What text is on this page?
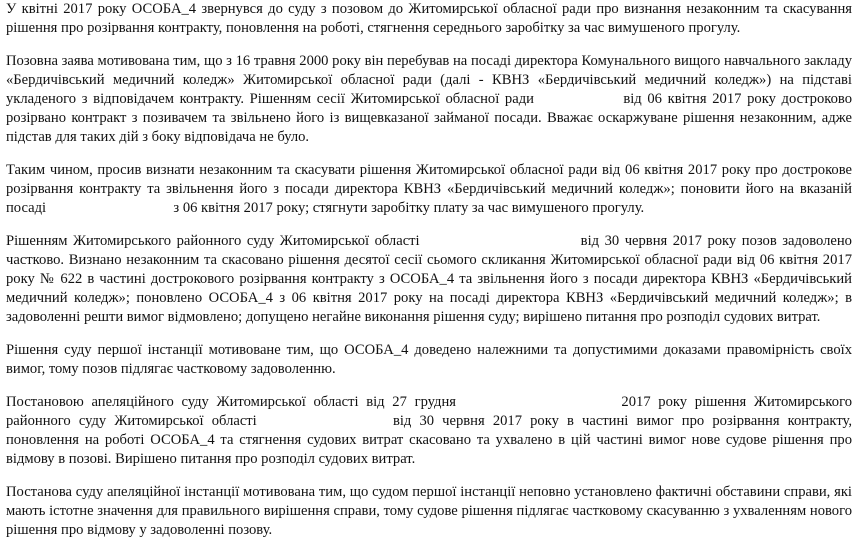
У квітні 2017 року ОСОБА_4 звернувся до суду з позовом до Житомирської обласної ради про визнання незаконним та скасування рішення про розірвання контракту, поновлення на роботі, стягнення середнього заробітку за час вимушеного прогулу.

Позовна заява мотивована тим, що з 16 травня 2000 року він перебував на посаді директора Комунального вищого навчального закладу «Бердичівський медичний коледж» Житомирської обласної ради (далі - КВНЗ «Бердичівський медичний коледж») на підставі укладеного з відповідачем контракту. Рішенням сесії Житомирської обласної ради	від 06 квітня 2017 року достроково розірвано контракт з позивачем та звільнено його із вищевказаної займаної посади. Вважає оскаржуване рішення незаконним, адже підстав для таких дій з боку відповідача не було.

Таким чином, просив визнати незаконним та скасувати рішення Житомирської обласної ради від 06 квітня 2017 року про дострокове розірвання контракту та звільнення його з посади директора КВНЗ «Бердичівський медичний коледж»; поновити його на вказаній посаді	з 06 квітня 2017 року; стягнути заробітку плату за час вимушеного прогулу.

Рішенням Житомирського районного суду Житомирської області	від 30 червня 2017 року позов задоволено частково. Визнано незаконним та скасовано рішення десятої сесії сьомого скликання Житомирської обласної ради від 06 квітня 2017 року № 622 в частині дострокового розірвання контракту з ОСОБА_4 та звільнення його з посади директора КВНЗ «Бердичівський медичний коледж»; поновлено ОСОБА_4 з 06 квітня 2017 року на посаді директора КВНЗ «Бердичівський медичний коледж»; в задоволенні решти вимог відмовлено; допущено негайне виконання рішення суду; вирішено питання про розподіл судових витрат.

Рішення суду першої інстанції мотивоване тим, що ОСОБА_4 доведено належними та допустимими доказами правомірність своїх вимог, тому позов підлягає частковому задоволенню.

Постановою апеляційного суду Житомирської області від 27 грудня	2017 року рішення Житомирського районного суду Житомирської області	від 30 червня 2017 року в частині вимог про розірвання контракту, поновлення на роботі ОСОБА_4 та стягнення судових витрат скасовано та ухвалено в цій частині вимог нове судове рішення про відмову в позові. Вирішено питання про розподіл судових витрат.

Постанова суду апеляційної інстанції мотивована тим, що судом першої інстанції неповно установлено фактичні обставини справи, які мають істотне значення для правильного вирішення справи, тому судове рішення підлягає частковому скасуванню з ухваленням нового рішення про відмову у задоволенні позову.
